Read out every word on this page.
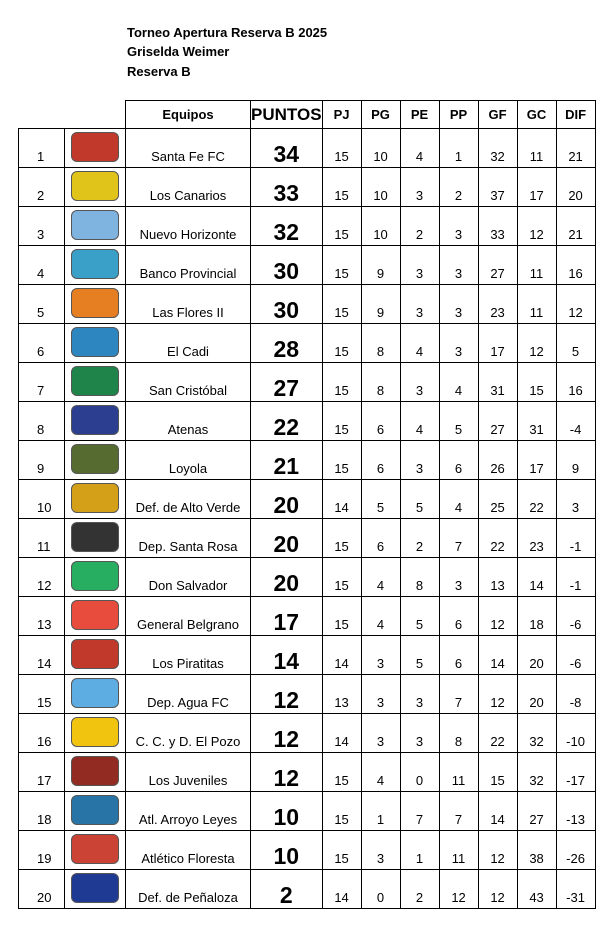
Torneo Apertura Reserva B 2025
Griselda Weimer
Reserva B
		Equipos	PUNTOS	PJ	PG	PE	PP	GF	GC	DIF
1		Santa Fe FC	34	15	10	4	1	32	11	21
2		Los Canarios	33	15	10	3	2	37	17	20
3		Nuevo Horizonte	32	15	10	2	3	33	12	21
4		Banco Provincial	30	15	9	3	3	27	11	16
5		Las Flores II	30	15	9	3	3	23	11	12
6		El Cadi	28	15	8	4	3	17	12	5
7		San Cristóbal	27	15	8	3	4	31	15	16
8		Atenas	22	15	6	4	5	27	31	-4
9		Loyola	21	15	6	3	6	26	17	9
10		Def. de Alto Verde	20	14	5	5	4	25	22	3
11		Dep. Santa Rosa	20	15	6	2	7	22	23	-1
12		Don Salvador	20	15	4	8	3	13	14	-1
13		General Belgrano	17	15	4	5	6	12	18	-6
14		Los Piratitas	14	14	3	5	6	14	20	-6
15		Dep. Agua FC	12	13	3	3	7	12	20	-8
16		C. C. y D. El Pozo	12	14	3	3	8	22	32	-10
17		Los Juveniles	12	15	4	0	11	15	32	-17
18		Atl. Arroyo Leyes	10	15	1	7	7	14	27	-13
19		Atlético Floresta	10	15	3	1	11	12	38	-26
20		Def. de Peñaloza	2	14	0	2	12	12	43	-31
